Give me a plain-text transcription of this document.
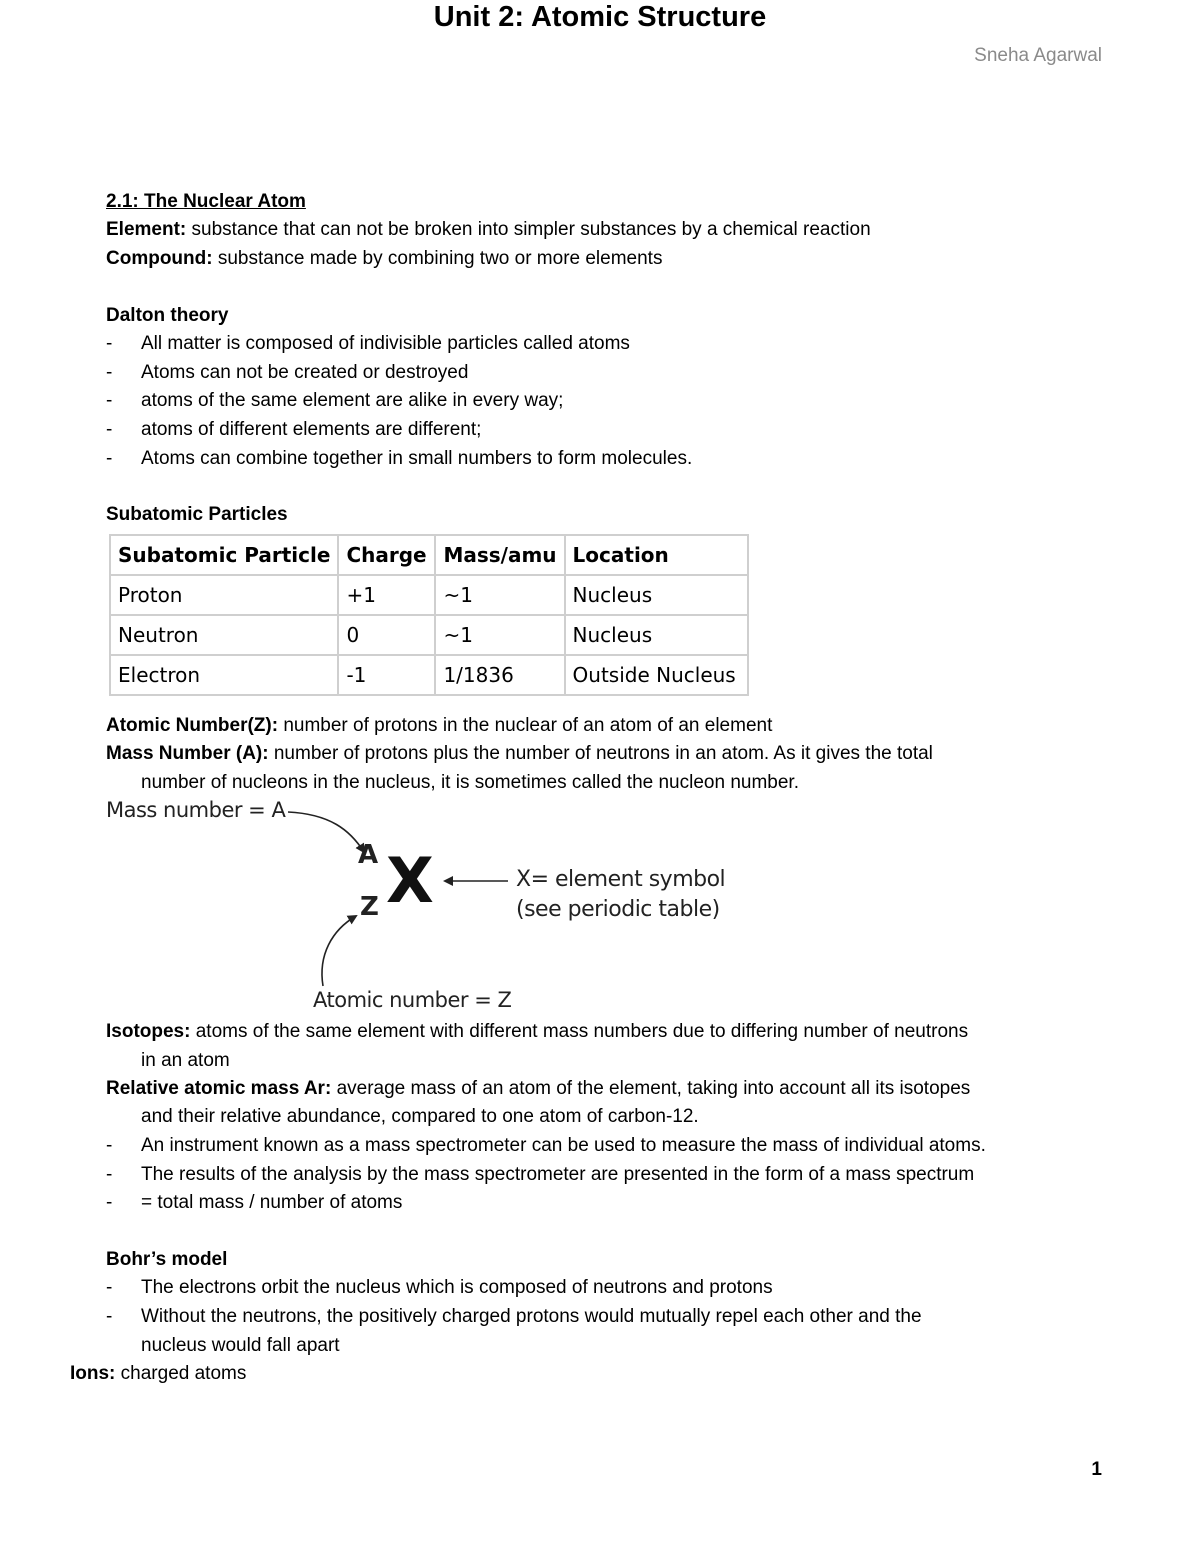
Sneha Agarwal
Unit 2: Atomic Structure
2.1: The Nuclear Atom
Element: substance that can not be broken into simpler substances by a chemical reaction
Compound: substance made by combining two or more elements
Dalton theory
- All matter is composed of indivisible particles called atoms
- Atoms can not be created or destroyed
- atoms of the same element are alike in every way;
- atoms of different elements are different;
- Atoms can combine together in small numbers to form molecules.
Subatomic Particles
Subatomic Particle	Charge	Mass/amu	Location
Proton	+1	~1	Nucleus
Neutron	0	~1	Nucleus
Electron	-1	1/1836	Outside Nucleus
Atomic Number(Z): number of protons in the nuclear of an atom of an element
Mass Number (A): number of protons plus the number of neutrons in an atom. As it gives the total
number of nucleons in the nucleus, it is sometimes called the nucleon number.
Mass number = A
A
Z X	X= element symbol
(see periodic table)
Atomic number = Z
Isotopes: atoms of the same element with different mass numbers due to differing number of neutrons
in an atom
Relative atomic mass Ar: average mass of an atom of the element, taking into account all its isotopes
and their relative abundance, compared to one atom of carbon-12.
- An instrument known as a mass spectrometer can be used to measure the mass of individual atoms.
- The results of the analysis by the mass spectrometer are presented in the form of a mass spectrum
- = total mass / number of atoms
Bohr’s model
- The electrons orbit the nucleus which is composed of neutrons and protons
- Without the neutrons, the positively charged protons would mutually repel each other and the
nucleus would fall apart
Ions: charged atoms
1
